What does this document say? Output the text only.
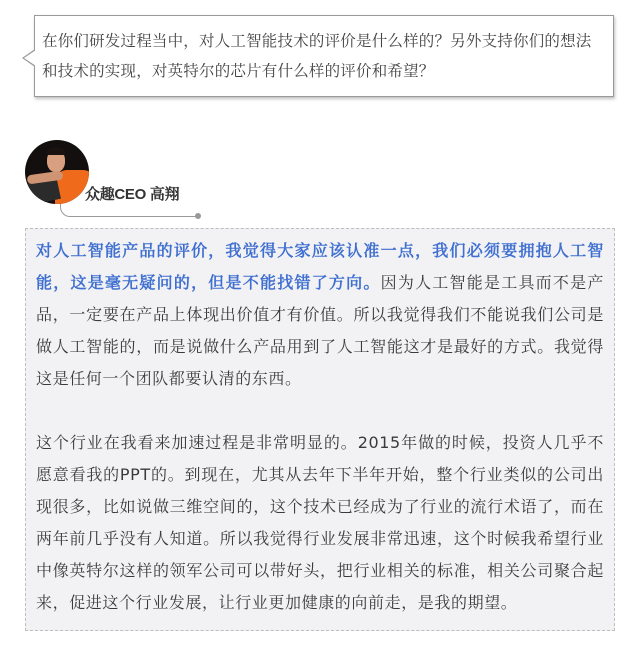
在你们研发过程当中，对人工智能技术的评价是什么样的？另外支持你们的想法和技术的实现，对英特尔的芯片有什么样的评价和希望？

众趣CEO 高翔

对人工智能产品的评价，我觉得大家应该认准一点，我们必须要拥抱人工智能，这是毫无疑问的，但是不能找错了方向。因为人工智能是工具而不是产品，一定要在产品上体现出价值才有价值。所以我觉得我们不能说我们公司是做人工智能的，而是说做什么产品用到了人工智能这才是最好的方式。我觉得这是任何一个团队都要认清的东西。

这个行业在我看来加速过程是非常明显的。2015年做的时候，投资人几乎不愿意看我的PPT的。到现在，尤其从去年下半年开始，整个行业类似的公司出现很多，比如说做三维空间的，这个技术已经成为了行业的流行术语了，而在两年前几乎没有人知道。所以我觉得行业发展非常迅速，这个时候我希望行业中像英特尔这样的领军公司可以带好头，把行业相关的标准，相关公司聚合起来，促进这个行业发展，让行业更加健康的向前走，是我的期望。
